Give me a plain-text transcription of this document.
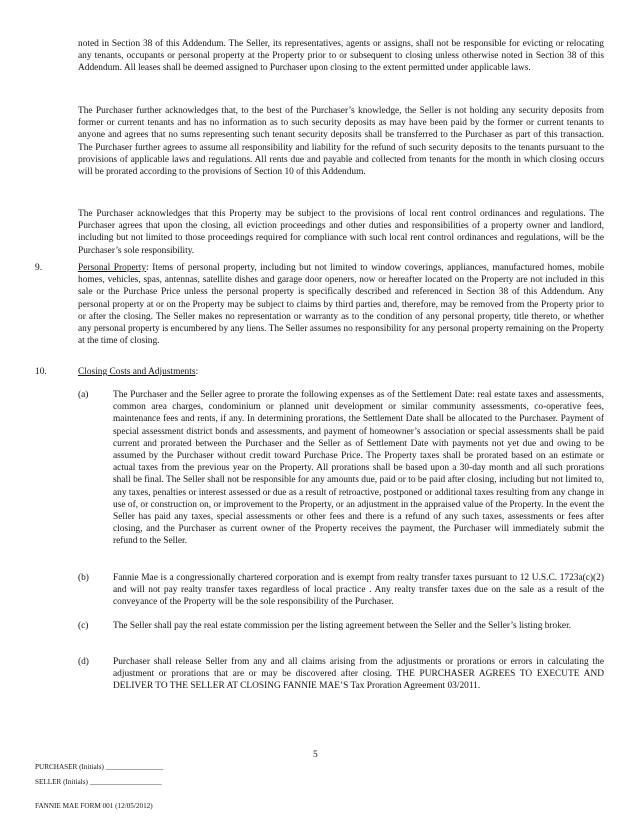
noted in Section 38 of this Addendum. The Seller, its representatives, agents or assigns, shall not be responsible for evicting or relocating any tenants, occupants or personal property at the Property prior to or subsequent to closing unless otherwise noted in Section 38 of this Addendum. All leases shall be deemed assigned to Purchaser upon closing to the extent permitted under applicable laws.

The Purchaser further acknowledges that, to the best of the Purchaser’s knowledge, the Seller is not holding any security deposits from former or current tenants and has no information as to such security deposits as may have been paid by the former or current tenants to anyone and agrees that no sums representing such tenant security deposits shall be transferred to the Purchaser as part of this transaction. The Purchaser further agrees to assume all responsibility and liability for the refund of such security deposits to the tenants pursuant to the provisions of applicable laws and regulations. All rents due and payable and collected from tenants for the month in which closing occurs will be prorated according to the provisions of Section 10 of this Addendum.

The Purchaser acknowledges that this Property may be subject to the provisions of local rent control ordinances and regulations. The Purchaser agrees that upon the closing, all eviction proceedings and other duties and responsibilities of a property owner and landlord, including but not limited to those proceedings required for compliance with such local rent control ordinances and regulations, will be the Purchaser’s sole responsibility.

9.	Personal Property: Items of personal property, including but not limited to window coverings, appliances, manufactured homes, mobile homes, vehicles, spas, antennas, satellite dishes and garage door openers, now or hereafter located on the Property are not included in this sale or the Purchase Price unless the personal property is specifically described and referenced in Section 38 of this Addendum. Any personal property at or on the Property may be subject to claims by third parties and, therefore, may be removed from the Property prior to or after the closing. The Seller makes no representation or warranty as to the condition of any personal property, title thereto, or whether any personal property is encumbered by any liens. The Seller assumes no responsibility for any personal property remaining on the Property at the time of closing.

10.	Closing Costs and Adjustments:

(a)	The Purchaser and the Seller agree to prorate the following expenses as of the Settlement Date: real estate taxes and assessments, common area charges, condominium or planned unit development or similar community assessments, co-operative fees, maintenance fees and rents, if any. In determining prorations, the Settlement Date shall be allocated to the Purchaser. Payment of special assessment district bonds and assessments, and payment of homeowner’s association or special assessments shall be paid current and prorated between the Purchaser and the Seller as of Settlement Date with payments not yet due and owing to be assumed by the Purchaser without credit toward Purchase Price. The Property taxes shall be prorated based on an estimate or actual taxes from the previous year on the Property. All prorations shall be based upon a 30-day month and all such prorations shall be final. The Seller shall not be responsible for any amounts due, paid or to be paid after closing, including but not limited to, any taxes, penalties or interest assessed or due as a result of retroactive, postponed or additional taxes resulting from any change in use of, or construction on, or improvement to the Property, or an adjustment in the appraised value of the Property. In the event the Seller has paid any taxes, special assessments or other fees and there is a refund of any such taxes, assessments or fees after closing, and the Purchaser as current owner of the Property receives the payment, the Purchaser will immediately submit the refund to the Seller.

(b)	Fannie Mae is a congressionally chartered corporation and is exempt from realty transfer taxes pursuant to 12 U.S.C. 1723a(c)(2) and will not pay realty transfer taxes regardless of local practice . Any realty transfer taxes due on the sale as a result of the conveyance of the Property will be the sole responsibility of the Purchaser.

(c)	The Seller shall pay the real estate commission per the listing agreement between the Seller and the Seller’s listing broker.

(d)	Purchaser shall release Seller from any and all claims arising from the adjustments or prorations or errors in calculating the adjustment or prorations that are or may be discovered after closing. THE PURCHASER AGREES TO EXECUTE AND DELIVER TO THE SELLER AT CLOSING FANNIE MAE’S Tax Proration Agreement 03/2011.

5
PURCHASER (Initials) ________________
SELLER (Initials) ____________________
FANNIE MAE FORM 001 (12/05/2012)
